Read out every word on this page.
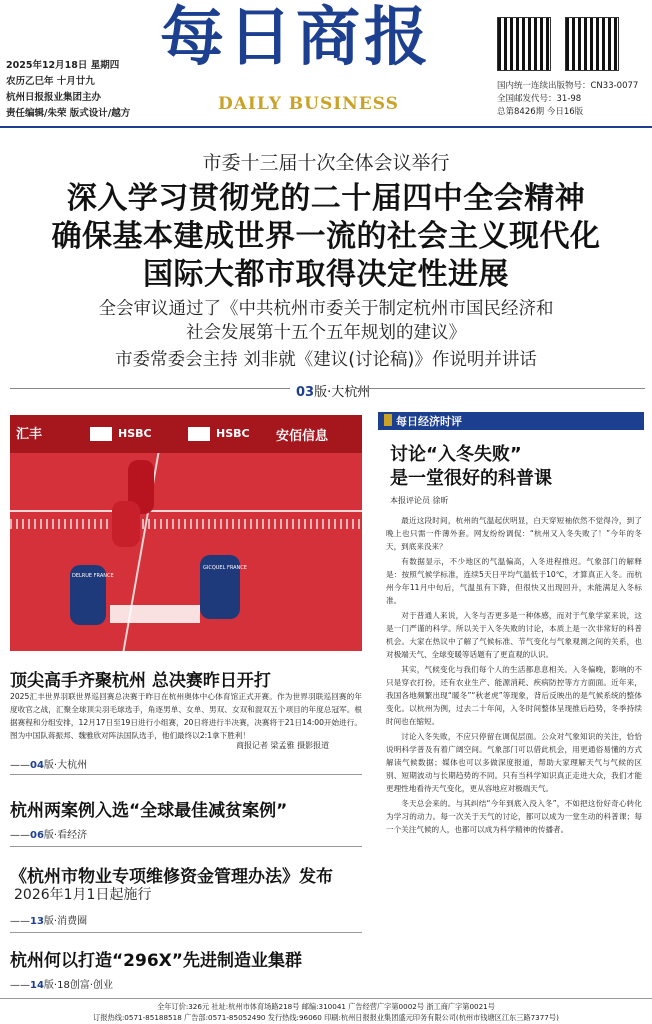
每日商报
DAILY BUSINESS
2025年12月18日 星期四
农历乙巳年 十月廿九
杭州日报报业集团主办
责任编辑/朱荣 版式设计/越方
国内统一连续出版物号：CN33-0077
全国邮发代号：31-98
总第8426期 今日16版
市委十三届十次全体会议举行
深入学习贯彻党的二十届四中全会精神
确保基本建成世界一流的社会主义现代化
国际大都市取得决定性进展
全会审议通过了《中共杭州市委关于制定杭州市国民经济和
社会发展第十五个五年规划的建议》
市委常委会主持 刘非就《建议(讨论稿)》作说明并讲话
03版·大杭州
汇丰	HSBC	HSBC 安佰信息
DELRUE FRANCE
GICQUEL FRANCE
顶尖高手齐聚杭州 总决赛昨日开打
2025汇丰世界羽联世界巡回赛总决赛于昨日在杭州奥体中心体育馆正式开赛。作为世界羽联巡回赛的年度收官之战，汇聚全球顶尖羽毛球选手，角逐男单、女单、男双、女双和混双五个项目的年度总冠军。根据赛程和分组安排，12月17日至19日进行小组赛，20日将进行半决赛，决赛将于21日14:00开始进行。图为中国队蒋振邦、魏雅欣对阵法国队选手，他们最终以2:1拿下胜利！
商报记者 梁孟雅 摄影报道
——04版·大杭州
杭州两案例入选“全球最佳减贫案例”
——06版·看经济
《杭州市物业专项维修资金管理办法》发布
2026年1月1日起施行
——13版·消费圈
杭州何以打造“296X”先进制造业集群
——14版·18创富·创业
每日经济时评
讨论“入冬失败”
是一堂很好的科普课
本报评论员 徐昕

最近这段时间，杭州的气温起伏明显，白天穿短袖依然不觉得冷，到了晚上也只需一件薄外套。网友纷纷调侃：“杭州又入冬失败了！”今年的冬天，到底来没来？

有数据显示，不少地区的气温偏高，入冬进程推迟。气象部门的解释是：按照气候学标准，连续5天日平均气温低于10℃，才算真正入冬。而杭州今年11月中旬后，气温虽有下降，但很快又出现回升，未能满足入冬标准。

对于普通人来说，入冬与否更多是一种体感，而对于气象学家来说，这是一门严谨的科学。所以关于入冬失败的讨论，本质上是一次非常好的科普机会。大家在热议中了解了气候标准、节气变化与气象观测之间的关系，也对极端天气、全球变暖等话题有了更直观的认识。

其实，气候变化与我们每个人的生活都息息相关。入冬偏晚，影响的不只是穿衣打扮，还有农业生产、能源消耗、疾病防控等方方面面。近年来，我国各地频繁出现“暖冬”“秋老虎”等现象，背后反映出的是气候系统的整体变化。以杭州为例，过去二十年间，入冬时间整体呈现推后趋势，冬季持续时间也在缩短。

讨论入冬失败，不应只停留在调侃层面。公众对气象知识的关注，恰恰说明科学普及有着广阔空间。气象部门可以借此机会，用更通俗易懂的方式解读气候数据；媒体也可以多做深度报道，帮助大家理解天气与气候的区别、短期波动与长期趋势的不同。只有当科学知识真正走进大众，我们才能更理性地看待天气变化，更从容地应对极端天气。

冬天总会来的。与其纠结“今年到底入没入冬”，不如把这份好奇心转化为学习的动力。每一次关于天气的讨论，都可以成为一堂生动的科普课；每一个关注气候的人，也都可以成为科学精神的传播者。

全年订价:326元 社址:杭州市体育场路218号 邮编:310041 广告经营广字第0002号 浙工商广字第0021号
订报热线:0571-85188518 广告部:0571-85052490 发行热线:96060 印刷:杭州日报报业集团盛元印务有限公司(杭州市钱塘区江东三路7377号)
